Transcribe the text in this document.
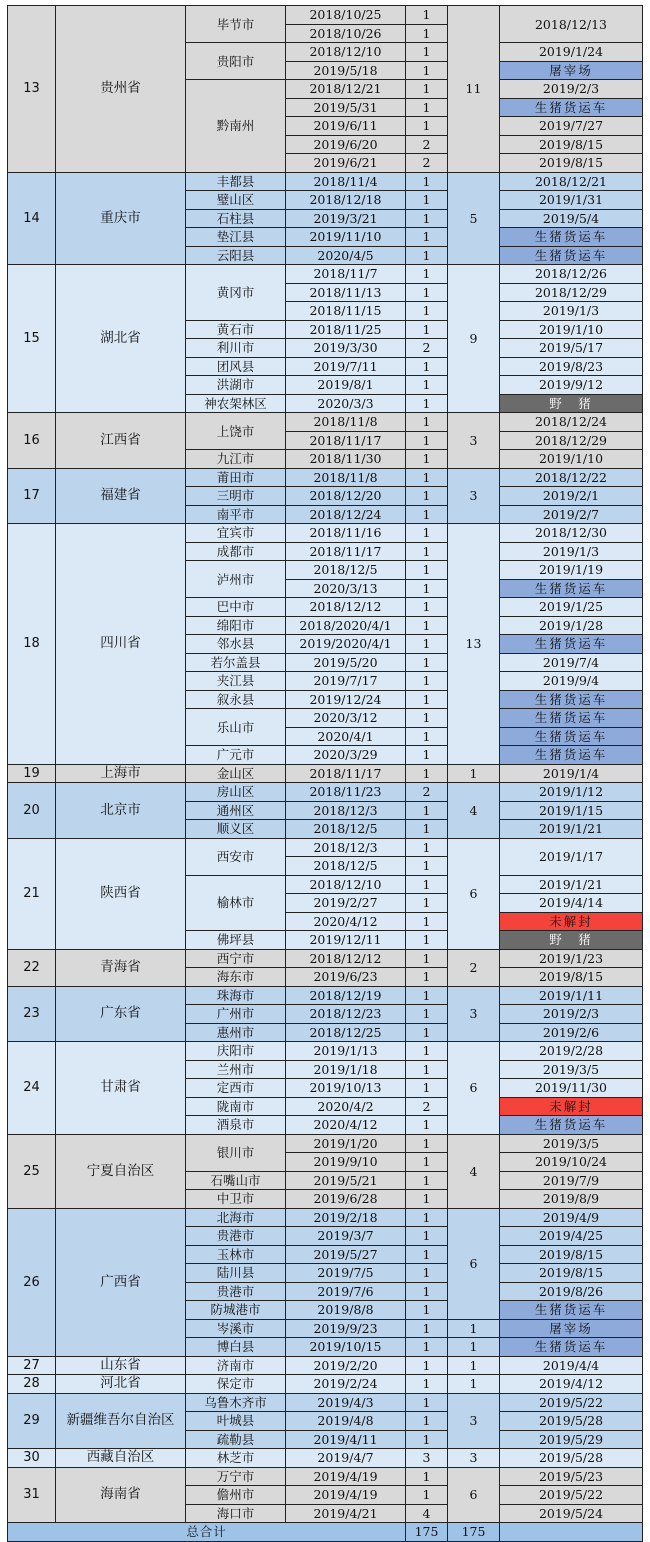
13	贵州省	毕节市	2018/10/25	1	11	2018/12/13
			2018/10/26	1		
		贵阳市	2018/12/10	1		2019/1/24
			2019/5/18	1		屠宰场
		黔南州	2018/12/21	1		2019/2/3
			2019/5/31	1		生猪货运车
			2019/6/11	1		2019/7/27
			2019/6/20	2		2019/8/15
			2019/6/21	2		2019/8/15
14	重庆市	丰都县	2018/11/4	1	5	2018/12/21
		璧山区	2018/12/18	1		2019/1/31
		石柱县	2019/3/21	1		2019/5/4
		垫江县	2019/11/10	1		生猪货运车
		云阳县	2020/4/5	1		生猪货运车
15	湖北省	黄冈市	2018/11/7	1	9	2018/12/26
			2018/11/13	1		2018/12/29
			2018/11/15	1		2019/1/3
		黄石市	2018/11/25	1		2019/1/10
		利川市	2019/3/30	2		2019/5/17
		团风县	2019/7/11	1		2019/8/23
		洪湖市	2019/8/1	1		2019/9/12
		神农架林区	2020/3/3	1		野　猪
16	江西省	上饶市	2018/11/8	1	3	2018/12/24
			2018/11/17	1		2018/12/29
		九江市	2018/11/30	1		2019/1/10
17	福建省	莆田市	2018/11/8	1	3	2018/12/22
		三明市	2018/12/20	1		2019/2/1
		南平市	2018/12/24	1		2019/2/7
18	四川省	宜宾市	2018/11/16	1	13	2018/12/30
		成都市	2018/11/17	1		2019/1/3
		泸州市	2018/12/5	1		2019/1/19
			2020/3/13	1		生猪货运车
		巴中市	2018/12/12	1		2019/1/25
		绵阳市	2018/2020/4/1	1		2019/1/28
		邻水县	2019/2020/4/1	1		生猪货运车
		若尔盖县	2019/5/20	1		2019/7/4
		夹江县	2019/7/17	1		2019/9/4
		叙永县	2019/12/24	1		生猪货运车
		乐山市	2020/3/12	1		生猪货运车
			2020/4/1	1		生猪货运车
		广元市	2020/3/29	1		生猪货运车
19	上海市	金山区	2018/11/17	1	1	2019/1/4
20	北京市	房山区	2018/11/23	2	4	2019/1/12
		通州区	2018/12/3	1		2019/1/15
		顺义区	2018/12/5	1		2019/1/21
21	陕西省	西安市	2018/12/3	1	6	2019/1/17
			2018/12/5	1		
		榆林市	2018/12/10	1		2019/1/21
			2019/2/27	1		2019/4/14
			2020/4/12	1		未解封
		佛坪县	2019/12/11	1		野　猪
22	青海省	西宁市	2018/12/12	1	2	2019/1/23
		海东市	2019/6/23	1		2019/8/15
23	广东省	珠海市	2018/12/19	1	3	2019/1/11
		广州市	2018/12/23	1		2019/2/3
		惠州市	2018/12/25	1		2019/2/6
24	甘肃省	庆阳市	2019/1/13	1	6	2019/2/28
		兰州市	2019/1/18	1		2019/3/5
		定西市	2019/10/13	1		2019/11/30
		陇南市	2020/4/2	2		未解封
		酒泉市	2020/4/12	1		生猪货运车
25	宁夏自治区	银川市	2019/1/20	1	4	2019/3/5
			2019/9/10	1		2019/10/24
		石嘴山市	2019/5/21	1		2019/7/9
		中卫市	2019/6/28	1		2019/8/9
26	广西省	北海市	2019/2/18	1	6	2019/4/9
		贵港市	2019/3/7	1		2019/4/25
		玉林市	2019/5/27	1		2019/8/15
		陆川县	2019/7/5	1		2019/8/15
		贵港市	2019/7/6	1		2019/8/26
		防城港市	2019/8/8	1		生猪货运车
		岑溪市	2019/9/23	1	1	屠宰场
		博白县	2019/10/15	1	1	生猪货运车
27	山东省	济南市	2019/2/20	1	1	2019/4/4
28	河北省	保定市	2019/2/24	1	1	2019/4/12
29	新疆维吾尔自治区	乌鲁木齐市	2019/4/3	1	3	2019/5/22
		叶城县	2019/4/8	1		2019/5/28
		疏勒县	2019/4/11	1		2019/5/29
30	西藏自治区	林芝市	2019/4/7	3	3	2019/5/28
31	海南省	万宁市	2019/4/19	1	6	2019/5/23
		儋州市	2019/4/19	1		2019/5/22
		海口市	2019/4/21	4		2019/5/24
总合计				175	175	
